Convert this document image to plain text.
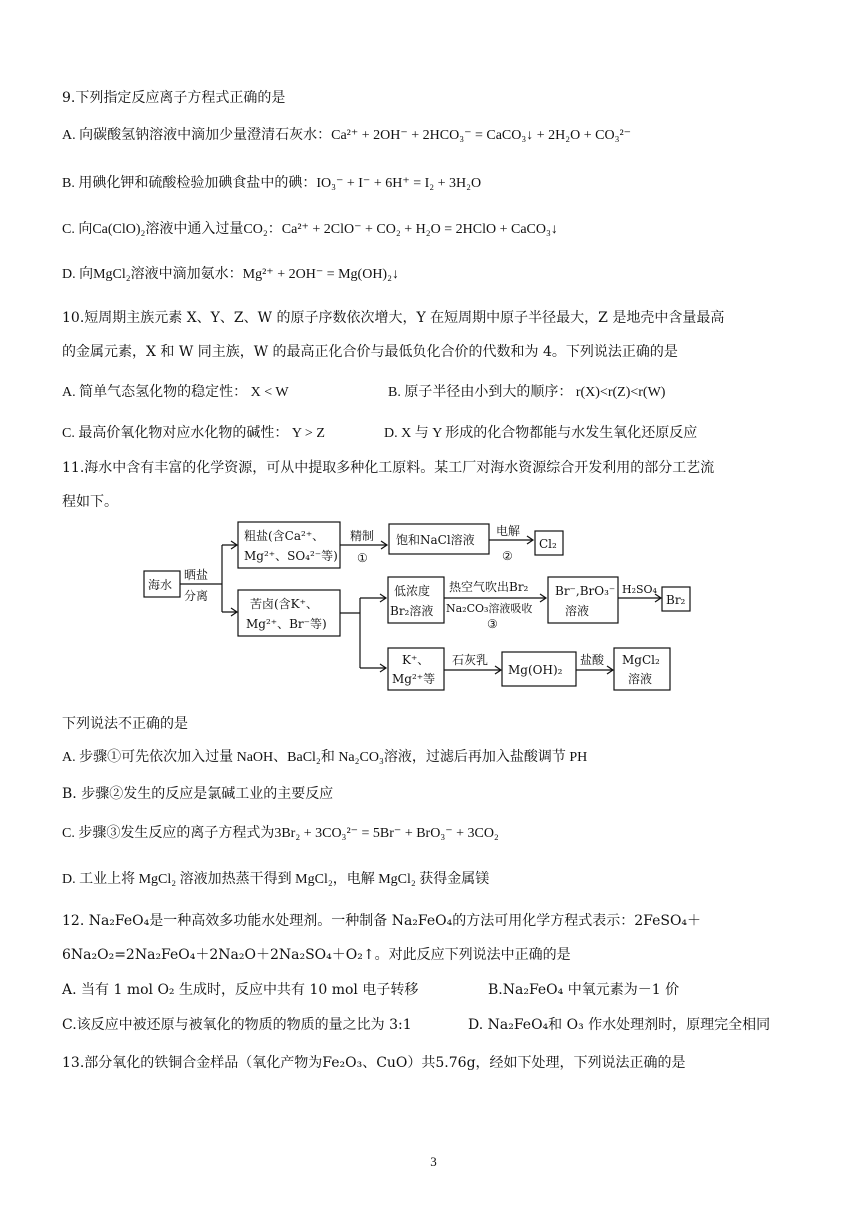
9.下列指定反应离子方程式正确的是
A. 向碳酸氢钠溶液中滴加少量澄清石灰水：Ca²⁺ + 2OH⁻ + 2HCO₃⁻ = CaCO₃↓ + 2H₂O + CO₃²⁻
B. 用碘化钾和硫酸检验加碘食盐中的碘：IO₃⁻ + I⁻ + 6H⁺ = I₂ + 3H₂O
C. 向Ca(ClO)₂溶液中通入过量CO₂：Ca²⁺ + 2ClO⁻ + CO₂ + H₂O = 2HClO + CaCO₃↓
D. 向MgCl₂溶液中滴加氨水：Mg²⁺ + 2OH⁻ = Mg(OH)₂↓
10.短周期主族元素 X、Y、Z、W 的原子序数依次增大，Y 在短周期中原子半径最大，Z 是地壳中含量最高
的金属元素，X 和 W 同主族，W 的最高正化合价与最低负化合价的代数和为 4。下列说法正确的是
A. 简单气态氢化物的稳定性： X < W	B. 原子半径由小到大的顺序： r(X)<r(Z)<r(W)
C. 最高价氧化物对应水化物的碱性： Y > Z	D. X 与 Y 形成的化合物都能与水发生氧化还原反应
11.海水中含有丰富的化学资源，可从中提取多种化工原料。某工厂对海水资源综合开发利用的部分工艺流
程如下。
海水
晒盐
分离
粗盐(含Ca²⁺、
Mg²⁺、SO₄²⁻等)
精制
①
饱和NaCl溶液
电解
②
Cl₂
苦卤(含K⁺、
Mg²⁺、Br⁻等)
低浓度
Br₂溶液
热空气吹出Br₂
Na₂CO₃溶液吸收
③
Br⁻,BrO₃⁻
溶液
H₂SO₄
Br₂
K⁺、
Mg²⁺等
石灰乳
Mg(OH)₂
盐酸 MgCl₂
溶液
下列说法不正确的是
A. 步骤①可先依次加入过量 NaOH、BaCl₂和 Na₂CO₃溶液，过滤后再加入盐酸调节 PH
B. 步骤②发生的反应是氯碱工业的主要反应
C. 步骤③发生反应的离子方程式为3Br₂ + 3CO₃²⁻ = 5Br⁻ + BrO₃⁻ + 3CO₂
D. 工业上将 MgCl₂ 溶液加热蒸干得到 MgCl₂，电解 MgCl₂ 获得金属镁
12. Na₂FeO₄是一种高效多功能水处理剂。一种制备 Na₂FeO₄的方法可用化学方程式表示：2FeSO₄＋
6Na₂O₂=2Na₂FeO₄＋2Na₂O＋2Na₂SO₄＋O₂↑。对此反应下列说法中正确的是
A. 当有 1 mol O₂ 生成时，反应中共有 10 mol 电子转移	B.Na₂FeO₄ 中氧元素为－1 价
C.该反应中被还原与被氧化的物质的物质的量之比为 3:1	D. Na₂FeO₄和 O₃ 作水处理剂时，原理完全相同
13.部分氧化的铁铜合金样品（氧化产物为Fe₂O₃、CuO）共5.76g，经如下处理，下列说法正确的是
3
